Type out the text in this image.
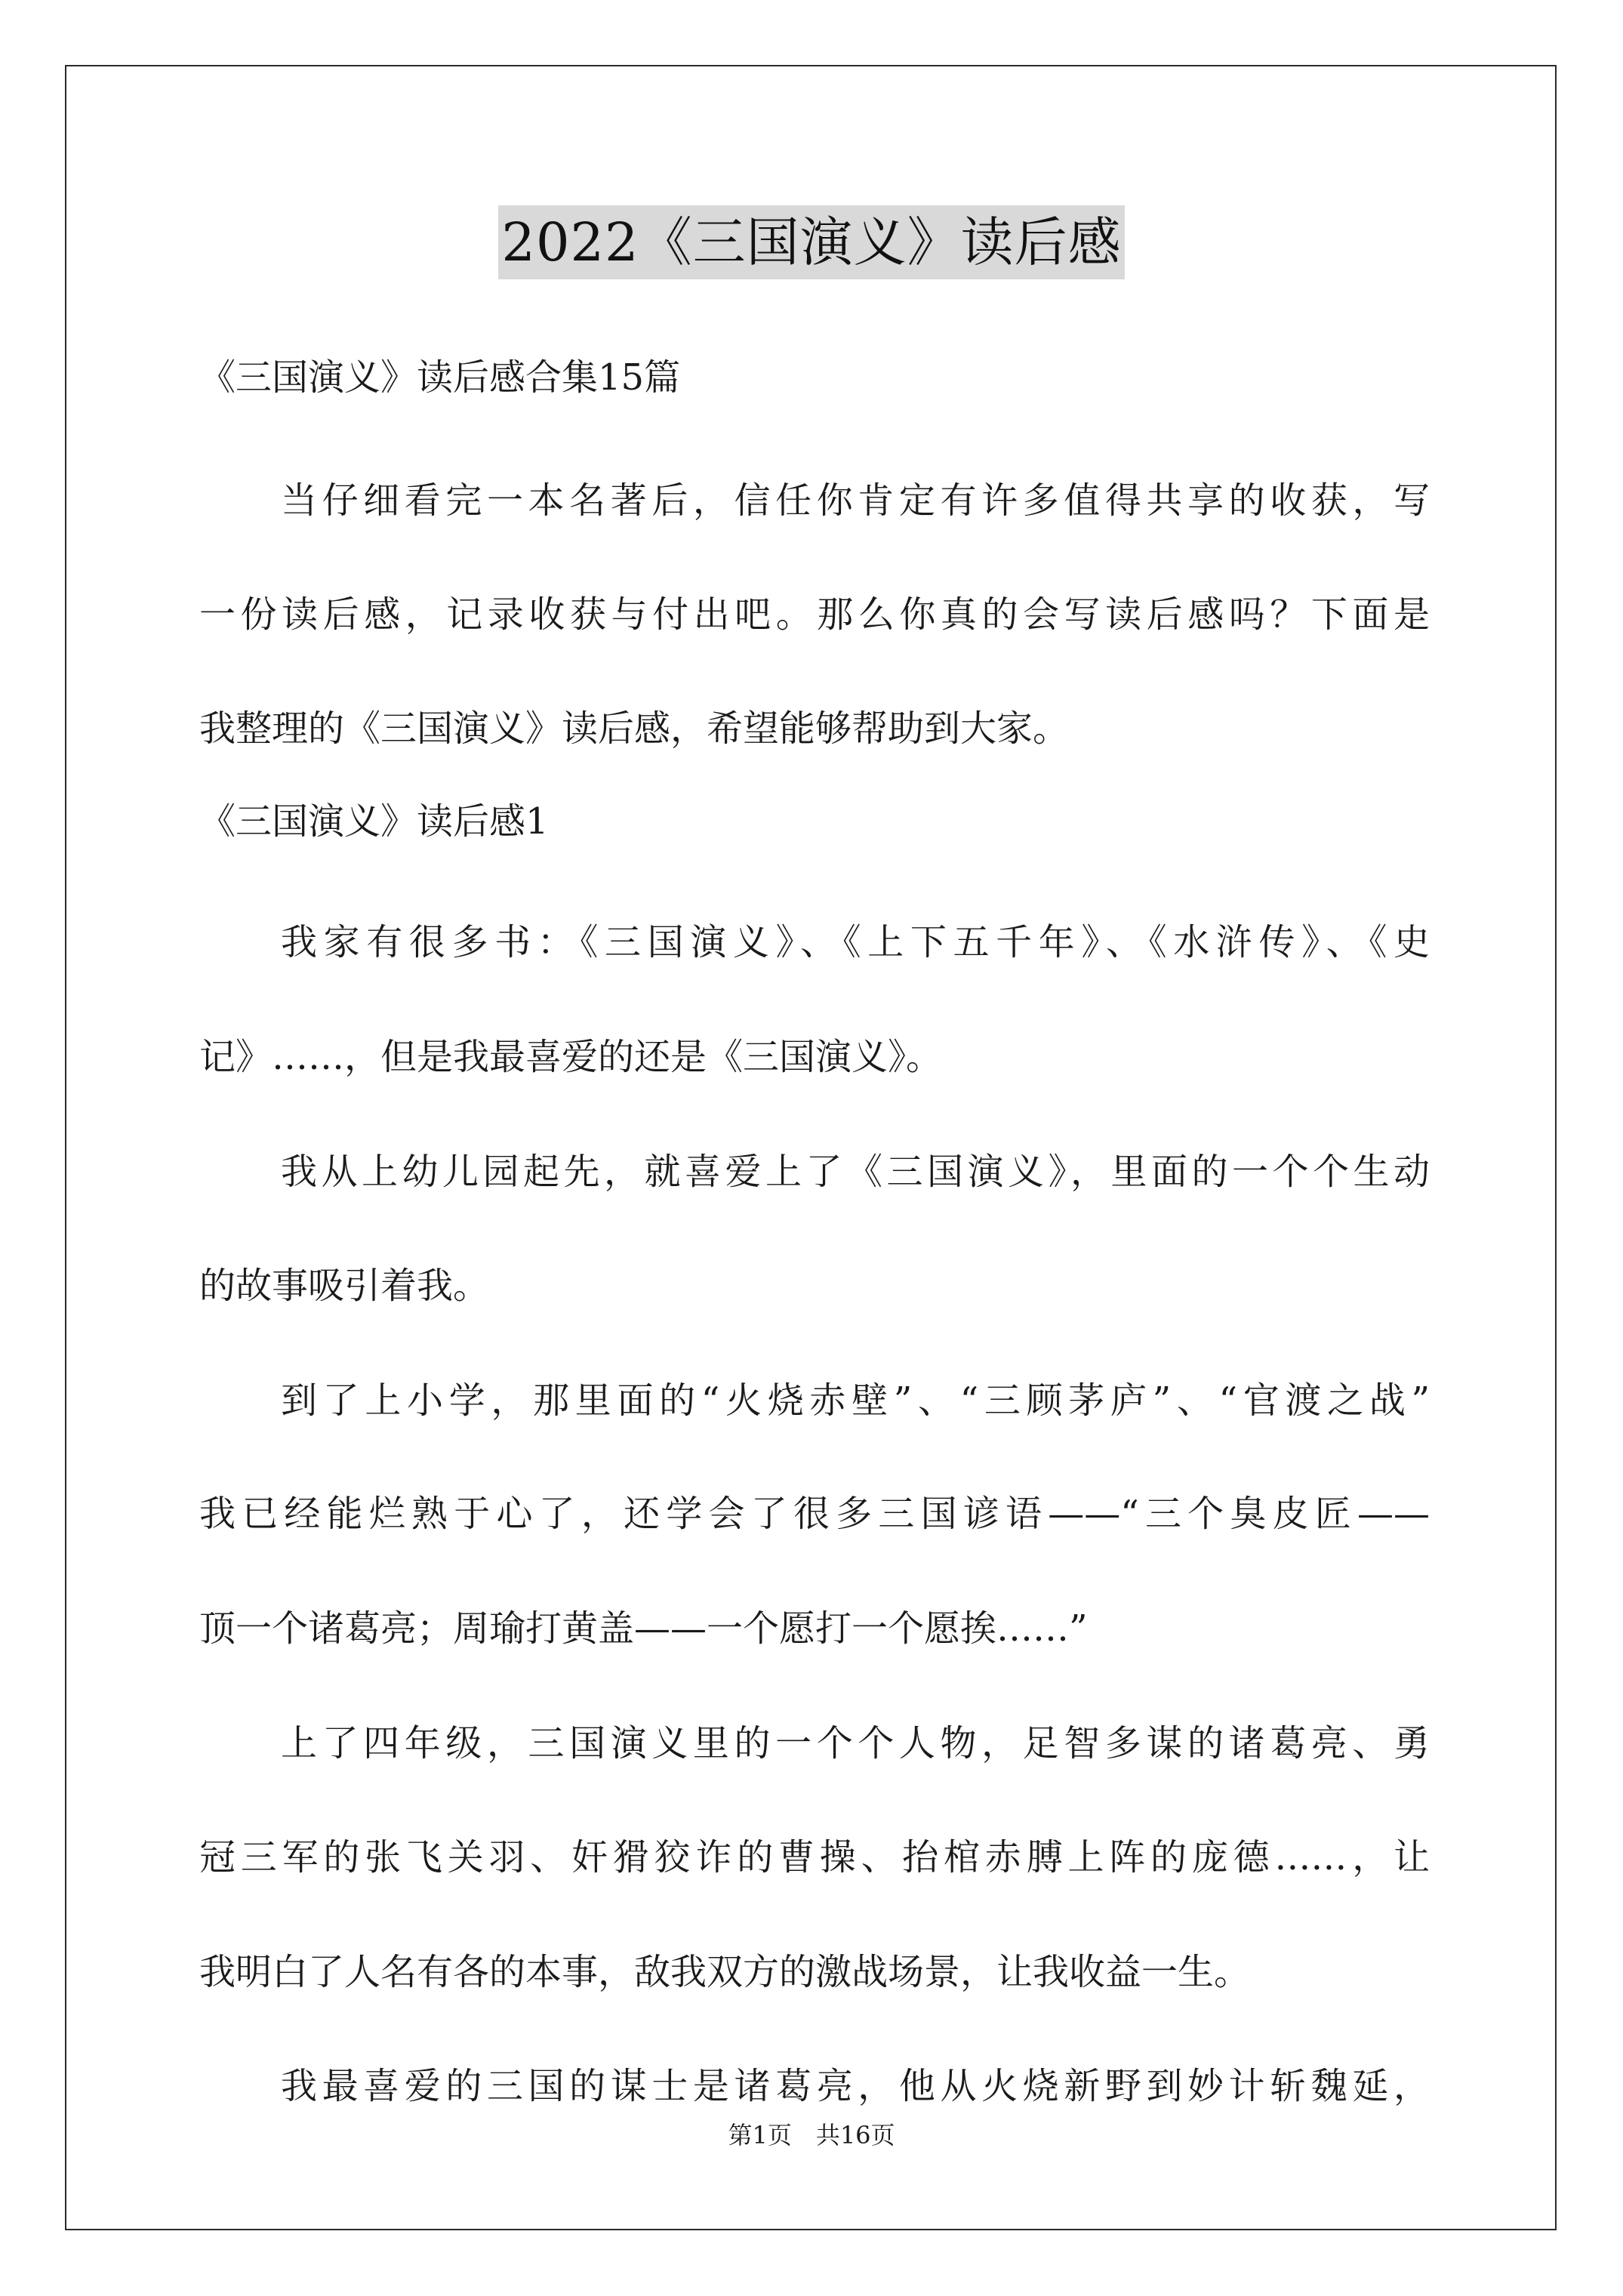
2022《三国演义》读后感
《三国演义》读后感合集15篇
当仔细看完一本名著后，信任你肯定有许多值得共享的收获，写
一份读后感，记录收获与付出吧。那么你真的会写读后感吗？下面是
我整理的《三国演义》读后感，希望能够帮助到大家。
《三国演义》读后感1
我家有很多书：《三国演义》、《上下五千年》、《水浒传》、《史
记》……，但是我最喜爱的还是《三国演义》。
我从上幼儿园起先，就喜爱上了《三国演义》，里面的一个个生动
的故事吸引着我。
到了上小学，那里面的“火烧赤壁”、“三顾茅庐”、“官渡之战”
我已经能烂熟于心了，还学会了很多三国谚语——“三个臭皮匠——
顶一个诸葛亮；周瑜打黄盖——一个愿打一个愿挨……”
上了四年级，三国演义里的一个个人物，足智多谋的诸葛亮、勇
冠三军的张飞关羽、奸猾狡诈的曹操、抬棺赤膊上阵的庞德……，让
我明白了人名有各的本事，敌我双方的激战场景，让我收益一生。
我最喜爱的三国的谋士是诸葛亮，他从火烧新野到妙计斩魏延，
第1页　共16页
